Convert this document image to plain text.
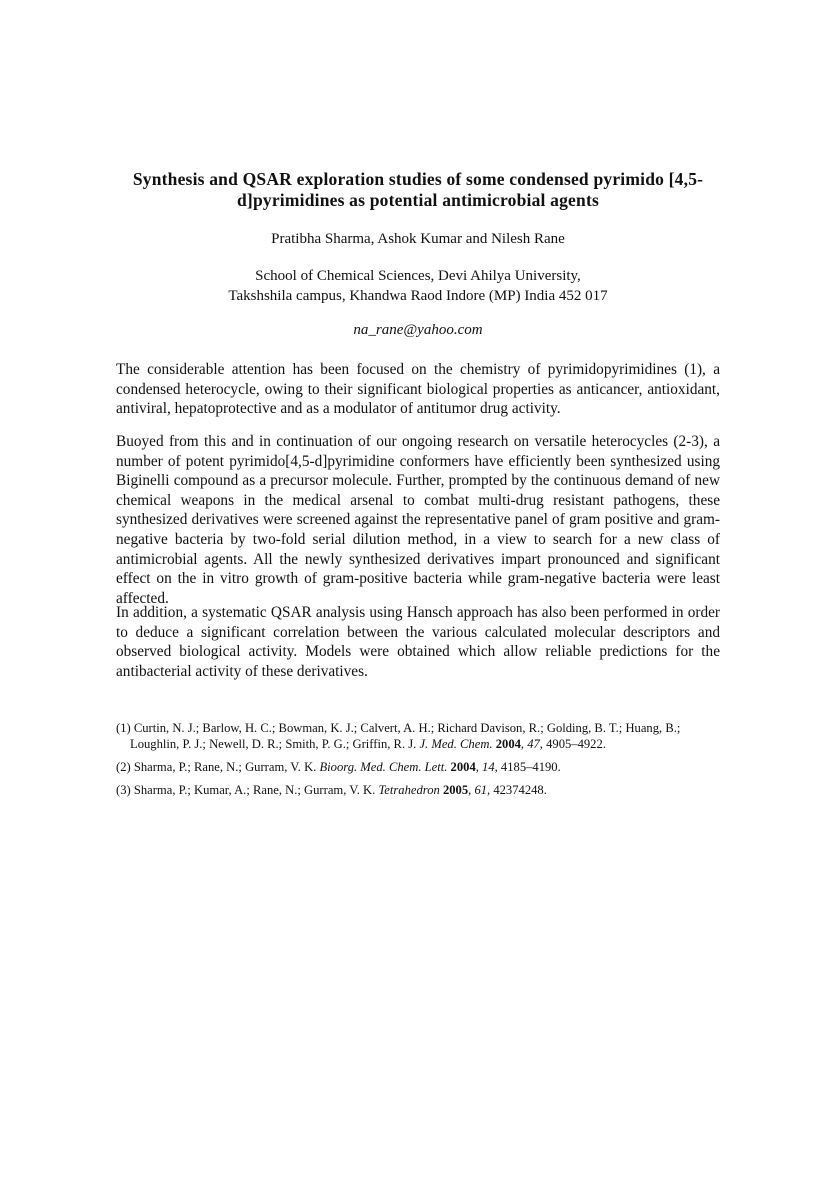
Synthesis and QSAR exploration studies of some condensed pyrimido [4,5-d]pyrimidines as potential antimicrobial agents
Pratibha Sharma, Ashok Kumar and Nilesh Rane
School of Chemical Sciences, Devi Ahilya University,
Takshshila campus, Khandwa Raod Indore (MP) India 452 017
na_rane@yahoo.com

The considerable attention has been focused on the chemistry of pyrimidopyrimidines (1), a condensed heterocycle, owing to their significant biological properties as anticancer, antioxidant, antiviral, hepatoprotective and as a modulator of antitumor drug activity.

Buoyed from this and in continuation of our ongoing research on versatile heterocycles (2-3), a number of potent pyrimido[4,5-d]pyrimidine conformers have efficiently been synthesized using Biginelli compound as a precursor molecule. Further, prompted by the continuous demand of new chemical weapons in the medical arsenal to combat multi-drug resistant pathogens, these synthesized derivatives were screened against the representative panel of gram positive and gram-negative bacteria by two-fold serial dilution method, in a view to search for a new class of antimicrobial agents. All the newly synthesized derivatives impart pronounced and significant effect on the in vitro growth of gram-positive bacteria while gram-negative bacteria were least affected.

In addition, a systematic QSAR analysis using Hansch approach has also been performed in order to deduce a significant correlation between the various calculated molecular descriptors and observed biological activity. Models were obtained which allow reliable predictions for the antibacterial activity of these derivatives.

(1) Curtin, N. J.; Barlow, H. C.; Bowman, K. J.; Calvert, A. H.; Richard Davison, R.; Golding, B. T.; Huang, B.; Loughlin, P. J.; Newell, D. R.; Smith, P. G.; Griffin, R. J. J. Med. Chem. 2004, 47, 4905–4922.

(2) Sharma, P.; Rane, N.; Gurram, V. K. Bioorg. Med. Chem. Lett. 2004, 14, 4185–4190.

(3) Sharma, P.; Kumar, A.; Rane, N.; Gurram, V. K. Tetrahedron 2005, 61, 42374248.
